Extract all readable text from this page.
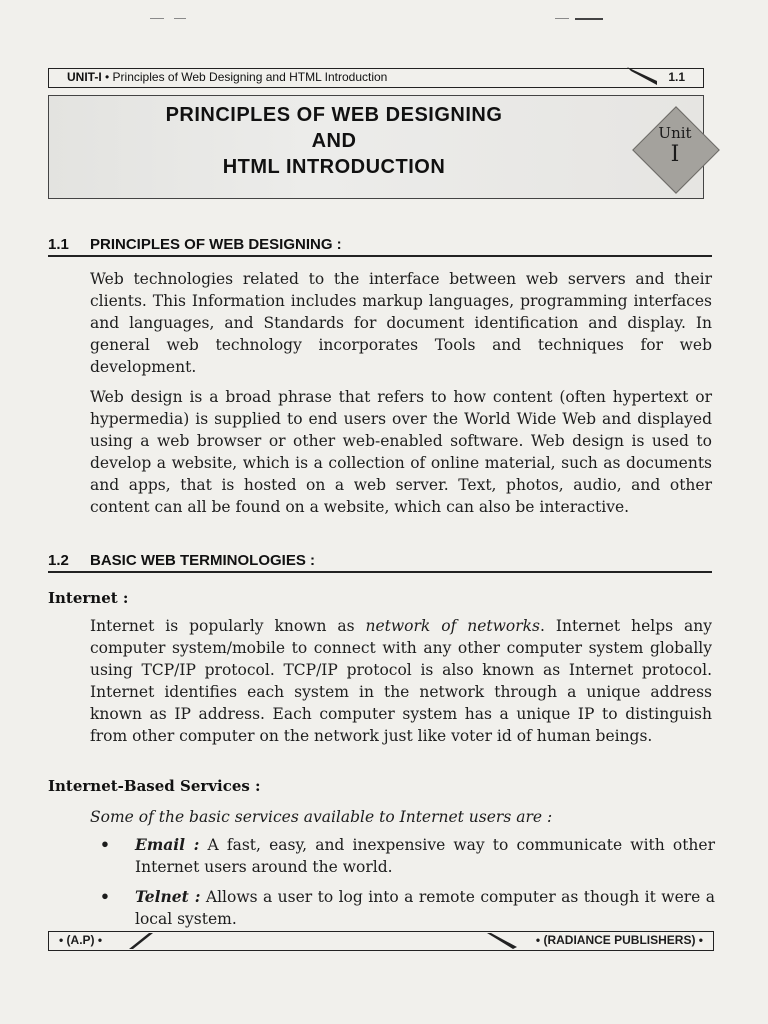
UNIT-I • Principles of Web Designing and HTML Introduction	1.1
PRINCIPLES OF WEB DESIGNING
AND
HTML INTRODUCTION
Unit
I
1.1 PRINCIPLES OF WEB DESIGNING :
Web technologies related to the interface between web servers and their clients. This Information includes markup languages, programming interfaces and languages, and Standards for document identification and display. In general web technology incorporates Tools and techniques for web development.
Web design is a broad phrase that refers to how content (often hypertext or hypermedia) is supplied to end users over the World Wide Web and displayed using a web browser or other web-enabled software. Web design is used to develop a website, which is a collection of online material, such as documents and apps, that is hosted on a web server. Text, photos, audio, and other content can all be found on a website, which can also be interactive.
1.2 BASIC WEB TERMINOLOGIES :
Internet :
Internet is popularly known as network of networks. Internet helps any computer system/mobile to connect with any other computer system globally using TCP/IP protocol. TCP/IP protocol is also known as Internet protocol. Internet identifies each system in the network through a unique address known as IP address. Each computer system has a unique IP to distinguish from other computer on the network just like voter id of human beings.
Internet-Based Services :
Some of the basic services available to Internet users are :
• Email : A fast, easy, and inexpensive way to communicate with other Internet users around the world.
• Telnet : Allows a user to log into a remote computer as though it were a local system.
• (A.P) •	• (RADIANCE PUBLISHERS) •
